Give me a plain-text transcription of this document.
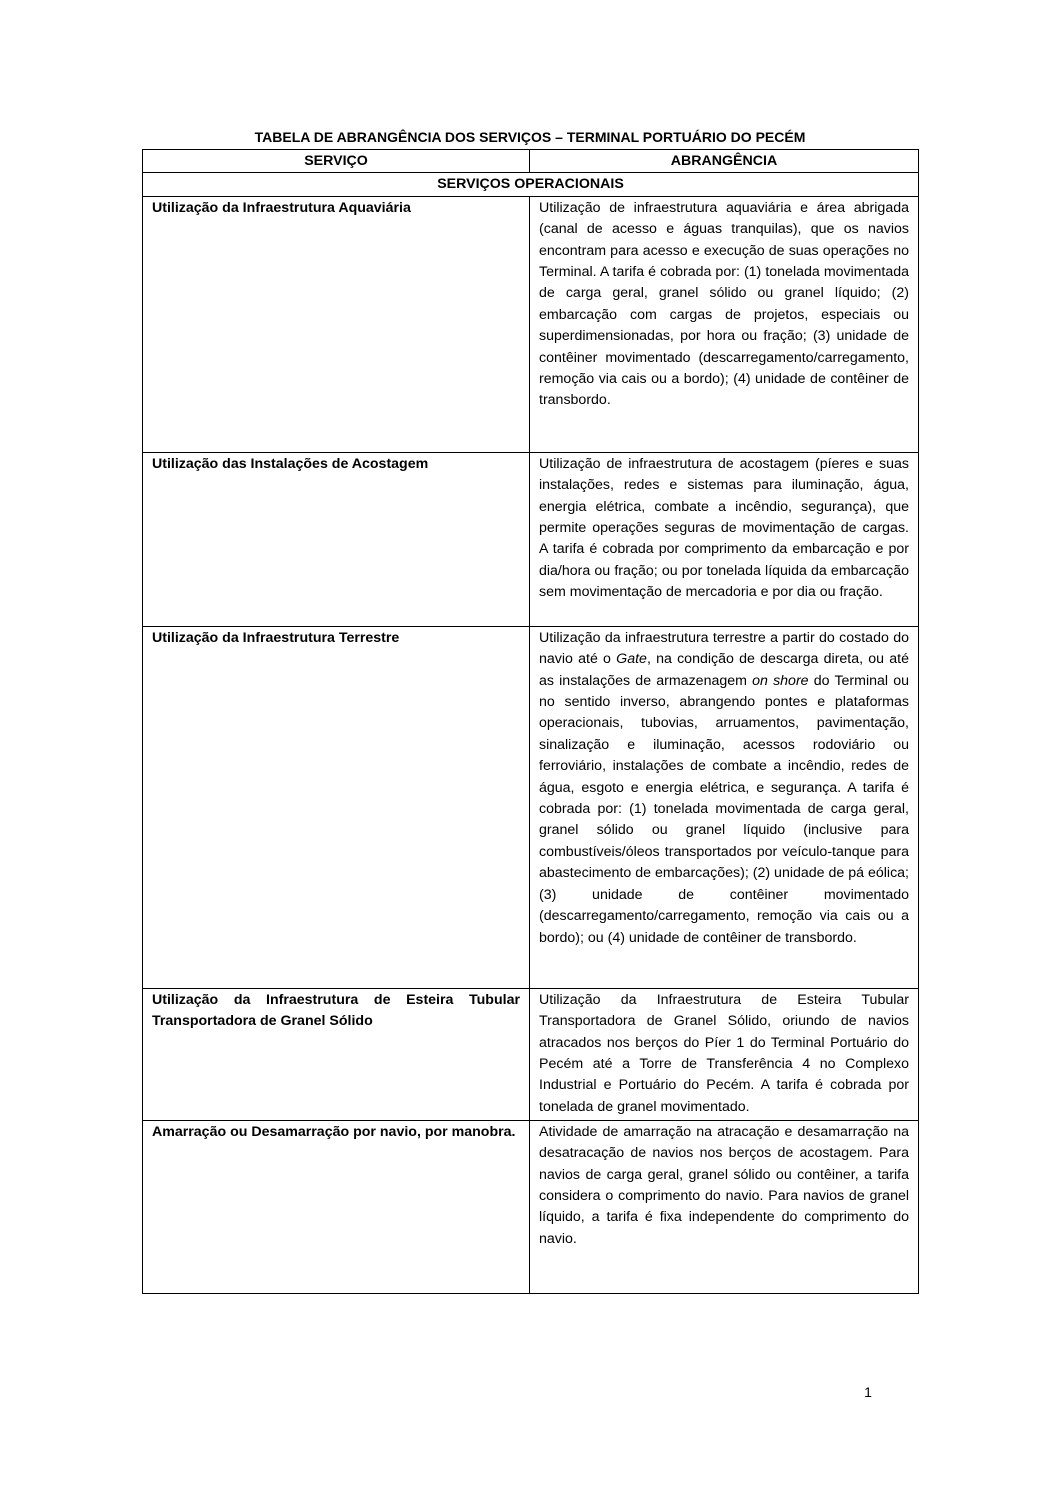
TABELA DE ABRANGÊNCIA DOS SERVIÇOS – TERMINAL PORTUÁRIO DO PECÉM
SERVIÇO	ABRANGÊNCIA
SERVIÇOS OPERACIONAIS	
Utilização da Infraestrutura Aquaviária	Utilização de infraestrutura aquaviária e área abrigada (canal de acesso e águas tranquilas), que os navios encontram para acesso e execução de suas operações no Terminal. A tarifa é cobrada por: (1) tonelada movimentada de carga geral, granel sólido ou granel líquido; (2) embarcação com cargas de projetos, especiais ou superdimensionadas, por hora ou fração; (3) unidade de contêiner movimentado (descarregamento/carregamento, remoção via cais ou a bordo); (4) unidade de contêiner de transbordo.
Utilização das Instalações de Acostagem	Utilização de infraestrutura de acostagem (píeres e suas instalações, redes e sistemas para iluminação, água, energia elétrica, combate a incêndio, segurança), que permite operações seguras de movimentação de cargas. A tarifa é cobrada por comprimento da embarcação e por dia/hora ou fração; ou por tonelada líquida da embarcação sem movimentação de mercadoria e por dia ou fração.
Utilização da Infraestrutura Terrestre	Utilização da infraestrutura terrestre a partir do costado do navio até o Gate, na condição de descarga direta, ou até as instalações de armazenagem on shore do Terminal ou no sentido inverso, abrangendo pontes e plataformas operacionais, tubovias, arruamentos, pavimentação, sinalização e iluminação, acessos rodoviário ou ferroviário, instalações de combate a incêndio, redes de água, esgoto e energia elétrica, e segurança. A tarifa é cobrada por: (1) tonelada movimentada de carga geral, granel sólido ou granel líquido (inclusive para combustíveis/óleos transportados por veículo-tanque para abastecimento de embarcações); (2) unidade de pá eólica; (3) unidade de contêiner movimentado (descarregamento/carregamento, remoção via cais ou a bordo); ou (4) unidade de contêiner de transbordo.
Utilização da Infraestrutura de Esteira Tubular Transportadora de Granel Sólido	Utilização da Infraestrutura de Esteira Tubular Transportadora de Granel Sólido, oriundo de navios atracados nos berços do Píer 1 do Terminal Portuário do Pecém até a Torre de Transferência 4 no Complexo Industrial e Portuário do Pecém. A tarifa é cobrada por tonelada de granel movimentado.
Amarração ou Desamarração por navio, por manobra.	Atividade de amarração na atracação e desamarração na desatracação de navios nos berços de acostagem. Para navios de carga geral, granel sólido ou contêiner, a tarifa considera o comprimento do navio. Para navios de granel líquido, a tarifa é fixa independente do comprimento do navio.
1
